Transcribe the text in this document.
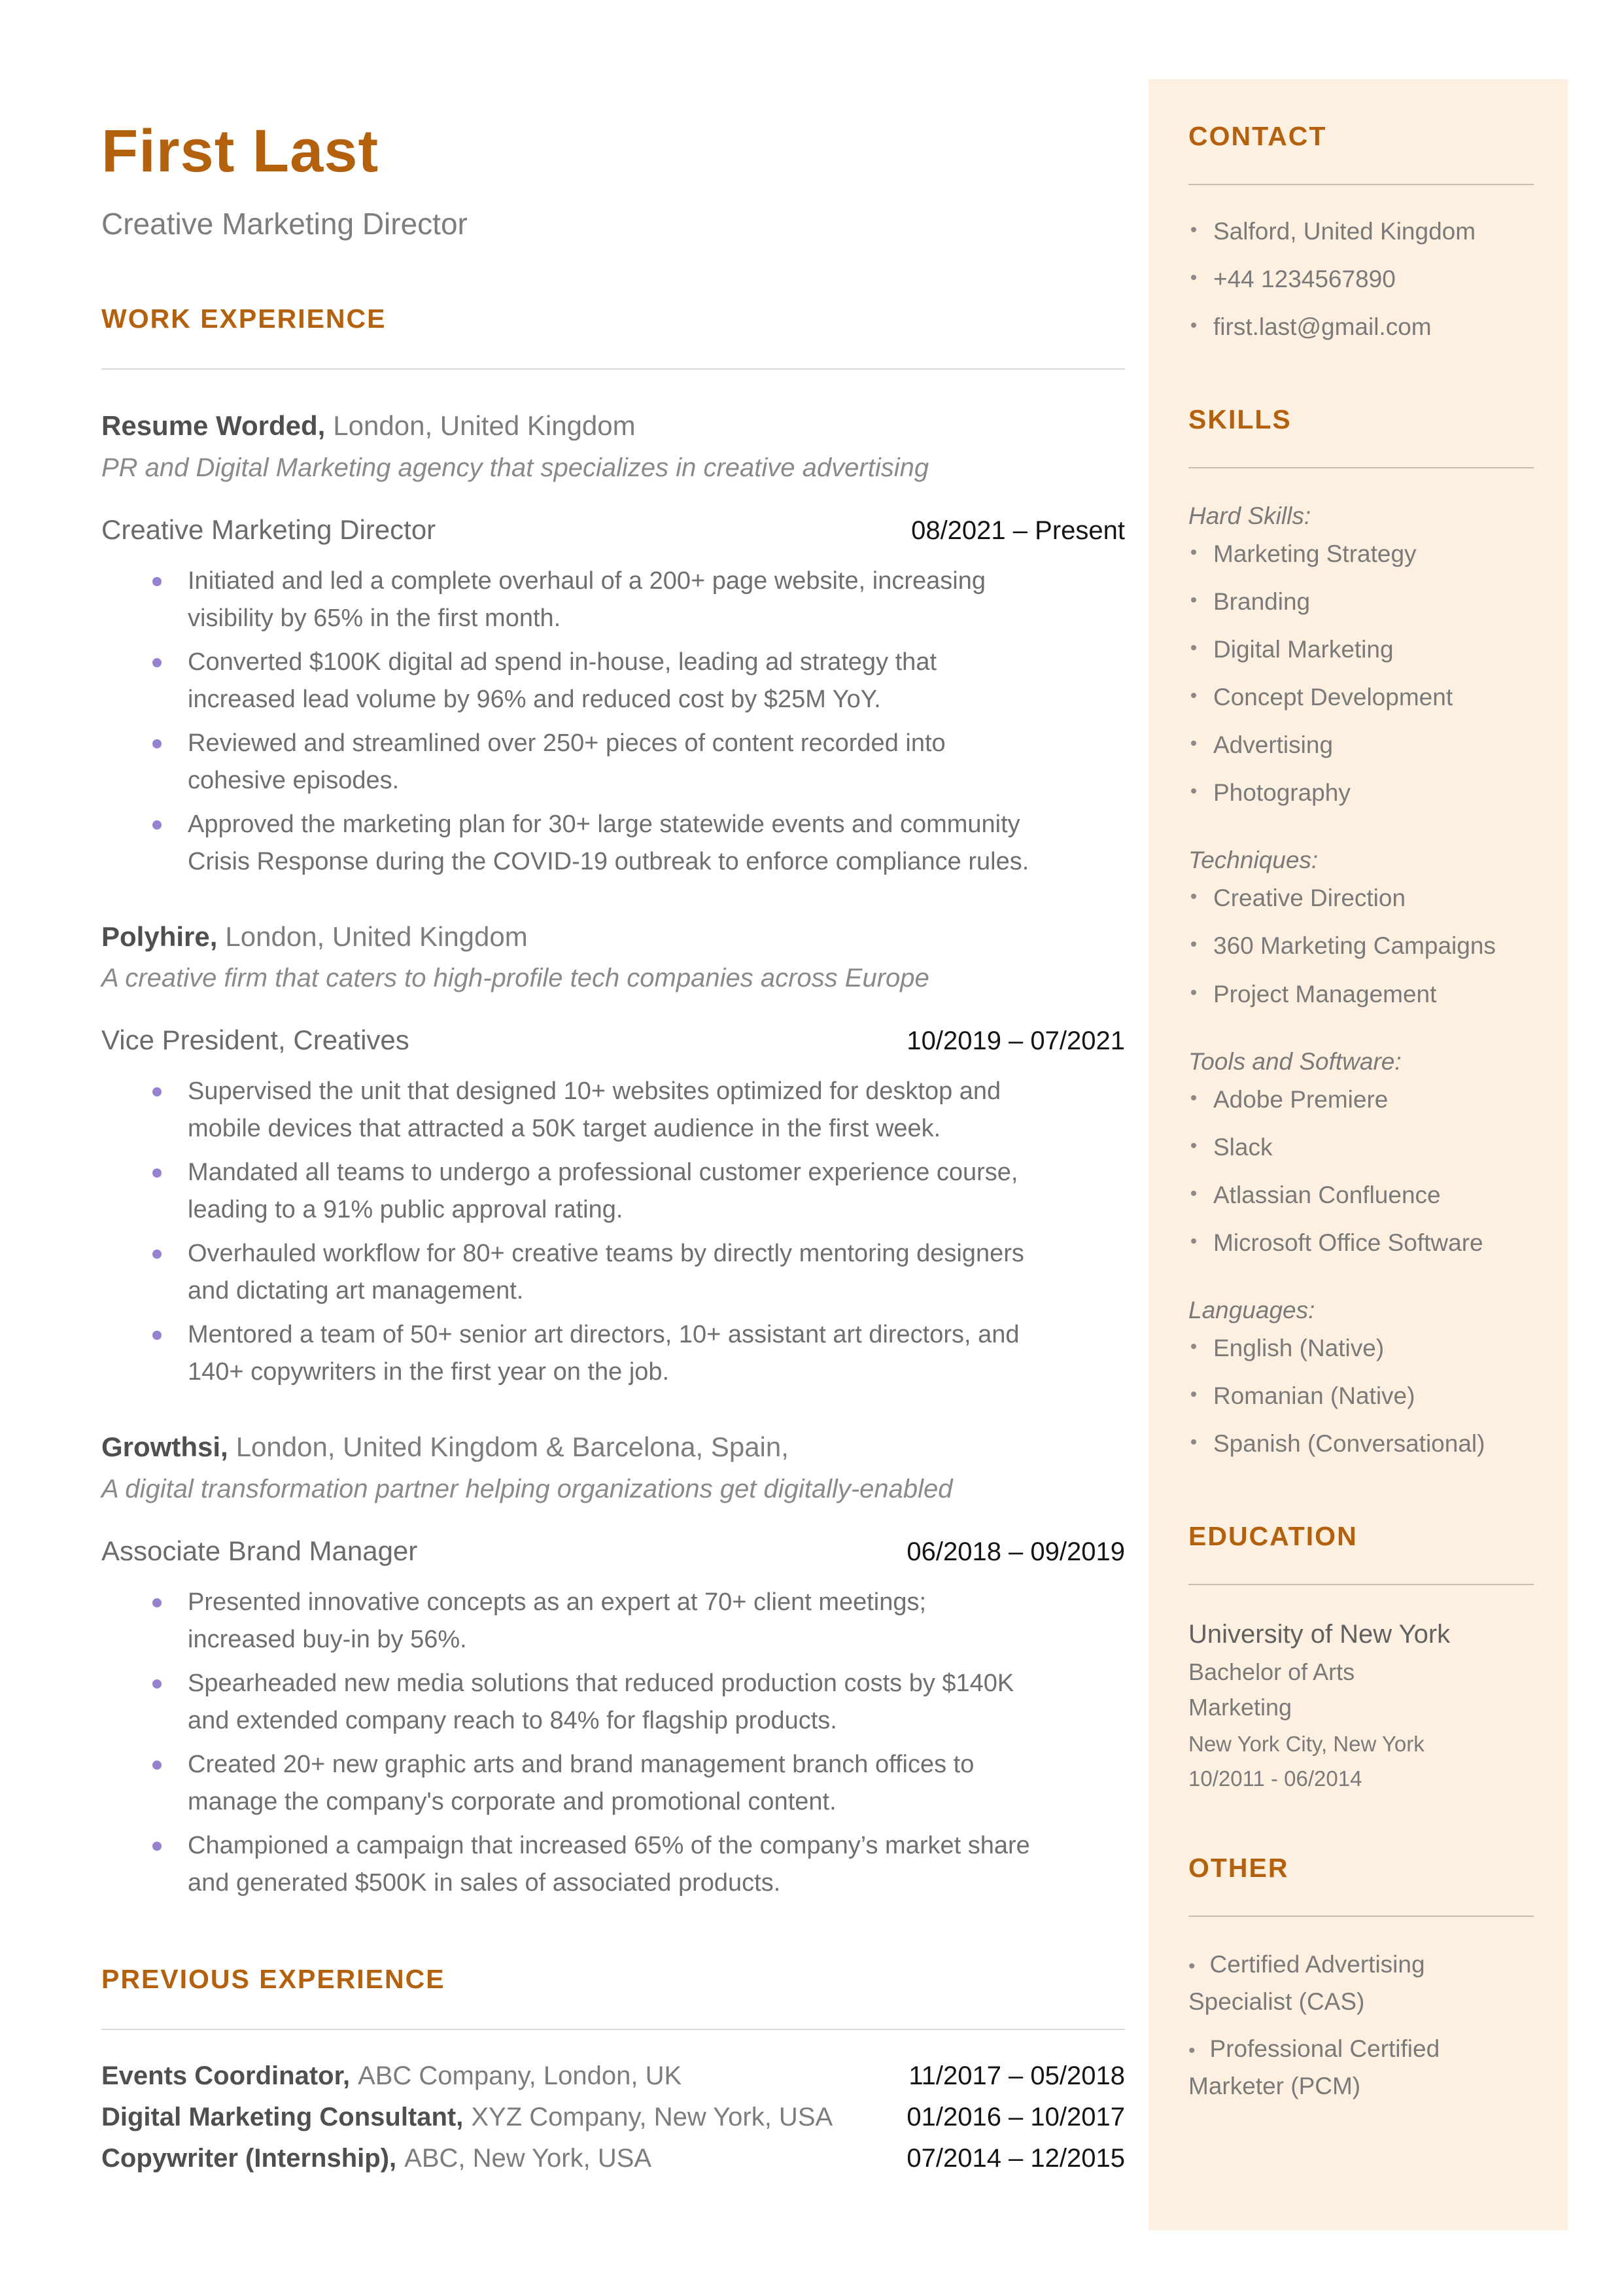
First Last

Creative Marketing Director

WORK EXPERIENCE

Resume Worded, London, United Kingdom

PR and Digital Marketing agency that specializes in creative advertising

Creative Marketing Director	08/2021 – Present
Initiated and led a complete overhaul of a 200+ page website, increasing visibility by 65% in the first month.
Converted $100K digital ad spend in-house, leading ad strategy that increased lead volume by 96% and reduced cost by $25M YoY.
Reviewed and streamlined over 250+ pieces of content recorded into cohesive episodes.
Approved the marketing plan for 30+ large statewide events and community Crisis Response during the COVID-19 outbreak to enforce compliance rules.

Polyhire, London, United Kingdom

A creative firm that caters to high-profile tech companies across Europe

Vice President, Creatives	10/2019 – 07/2021
Supervised the unit that designed 10+ websites optimized for desktop and mobile devices that attracted a 50K target audience in the first week.
Mandated all teams to undergo a professional customer experience course, leading to a 91% public approval rating.
Overhauled workflow for 80+ creative teams by directly mentoring designers and dictating art management.
Mentored a team of 50+ senior art directors, 10+ assistant art directors, and 140+ copywriters in the first year on the job.

Growthsi, London, United Kingdom & Barcelona, Spain,

A digital transformation partner helping organizations get digitally-enabled

Associate Brand Manager	06/2018 – 09/2019
Presented innovative concepts as an expert at 70+ client meetings; increased buy-in by 56%.
Spearheaded new media solutions that reduced production costs by $140K and extended company reach to 84% for flagship products.
Created 20+ new graphic arts and brand management branch offices to manage the company's corporate and promotional content.
Championed a campaign that increased 65% of the company’s market share and generated $500K in sales of associated products.
PREVIOUS EXPERIENCE

Events Coordinator, ABC Company, London, UK	11/2017 – 05/2018

Digital Marketing Consultant, XYZ Company, New York, USA	01/2016 – 10/2017

Copywriter (Internship), ABC, New York, USA	07/2014 – 12/2015
CONTACT
Salford, United Kingdom
+44 1234567890
first.last@gmail.com
SKILLS

Hard Skills:

Marketing Strategy
Branding
Digital Marketing
Concept Development
Advertising
Photography

Techniques:

Creative Direction
360 Marketing Campaigns
Project Management

Tools and Software:

Adobe Premiere
Slack
Atlassian Confluence
Microsoft Office Software

Languages:

English (Native)
Romanian (Native)
Spanish (Conversational)
EDUCATION

University of New York

Bachelor of Arts

Marketing

New York City, New York

10/2011 - 06/2014

OTHER
• Certified Advertising Specialist (CAS)
• Professional Certified Marketer (PCM)
